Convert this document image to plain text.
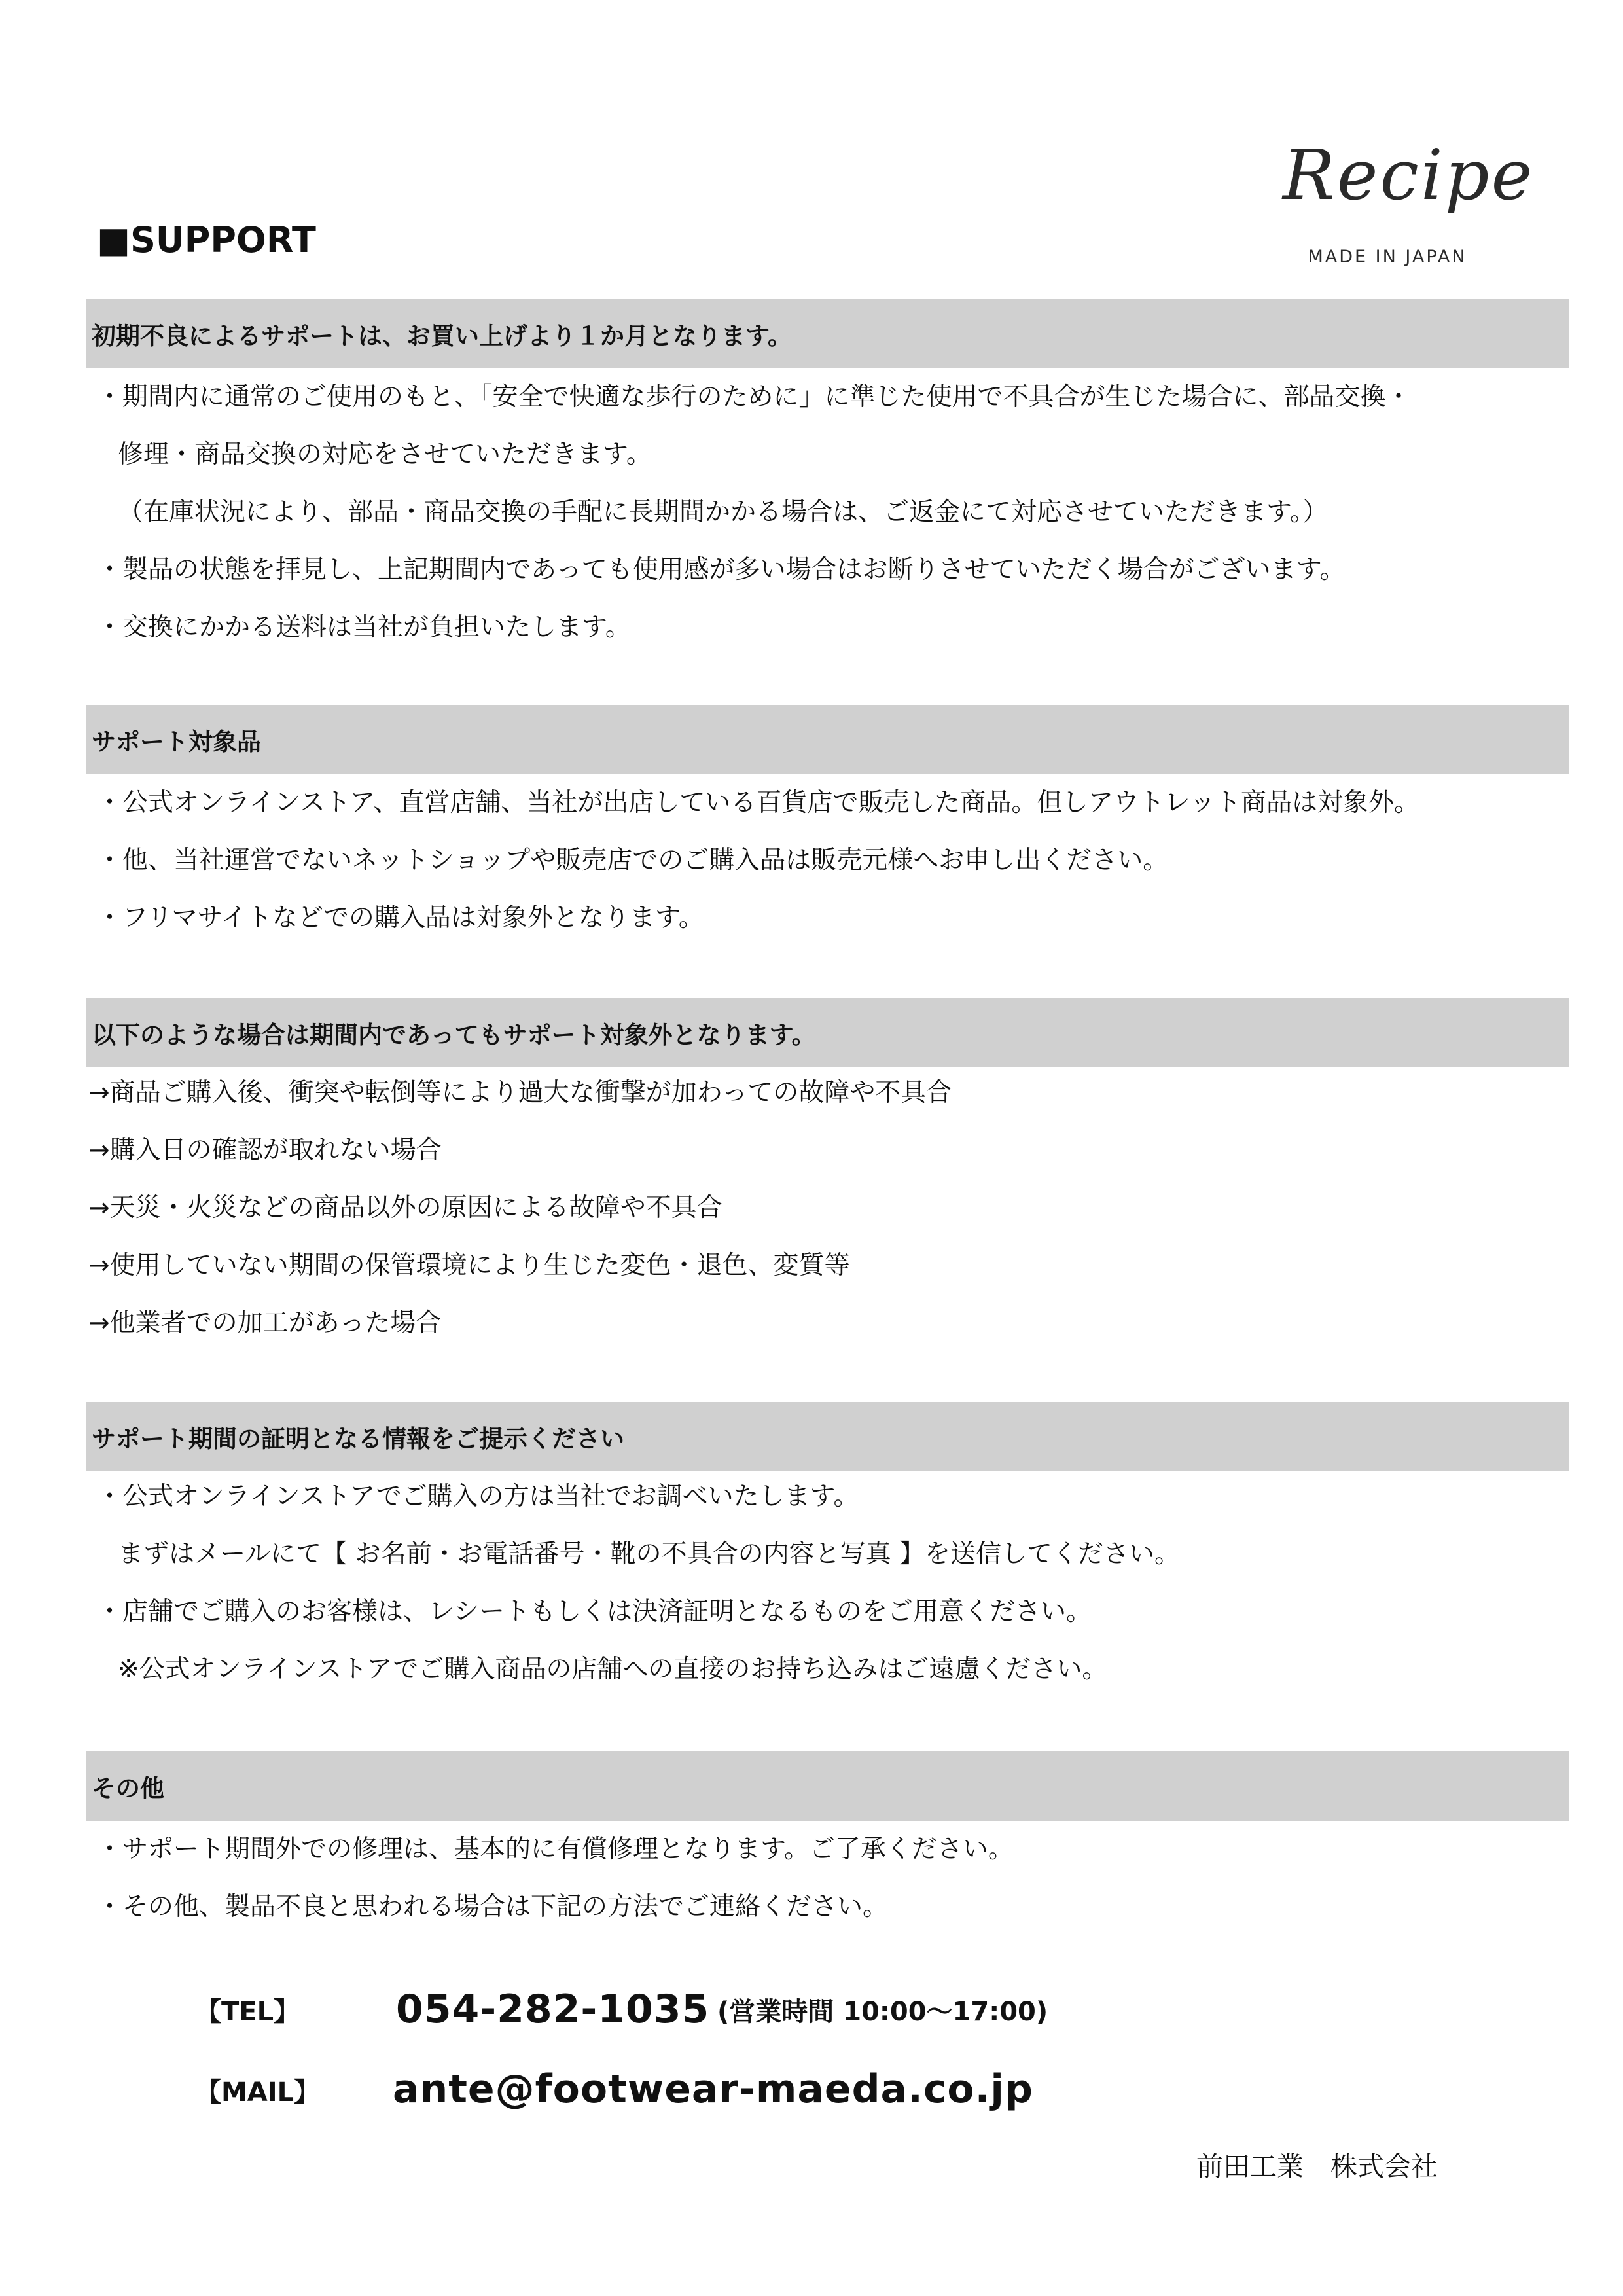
Recipe
MADE IN JAPAN
■SUPPORT
初期不良によるサポートは、お買い上げより１か月となります。
・期間内に通常のご使用のもと、「安全で快適な歩行のために」に準じた使用で不具合が生じた場合に、部品交換・
修理・商品交換の対応をさせていただきます。
（在庫状況により、部品・商品交換の手配に長期間かかる場合は、ご返金にて対応させていただきます。）
・製品の状態を拝見し、上記期間内であっても使用感が多い場合はお断りさせていただく場合がございます。
・交換にかかる送料は当社が負担いたします。
サポート対象品
・公式オンラインストア、直営店舗、当社が出店している百貨店で販売した商品。但しアウトレット商品は対象外。
・他、当社運営でないネットショップや販売店でのご購入品は販売元様へお申し出ください。
・フリマサイトなどでの購入品は対象外となります。
以下のような場合は期間内であってもサポート対象外となります。
→商品ご購入後、衝突や転倒等により過大な衝撃が加わっての故障や不具合
→購入日の確認が取れない場合
→天災・火災などの商品以外の原因による故障や不具合
→使用していない期間の保管環境により生じた変色・退色、変質等
→他業者での加工があった場合
サポート期間の証明となる情報をご提示ください
・公式オンラインストアでご購入の方は当社でお調べいたします。
まずはメールにて【 お名前・お電話番号・靴の不具合の内容と写真 】を送信してください。
・店舗でご購入のお客様は、レシートもしくは決済証明となるものをご用意ください。
※公式オンラインストアでご購入商品の店舗への直接のお持ち込みはご遠慮ください。
その他
・サポート期間外での修理は、基本的に有償修理となります。ご了承ください。
・その他、製品不良と思われる場合は下記の方法でご連絡ください。
【TEL】 054-282-1035 (営業時間 10:00～17:00)
【MAIL】 ante@footwear-maeda.co.jp
前田工業　株式会社
